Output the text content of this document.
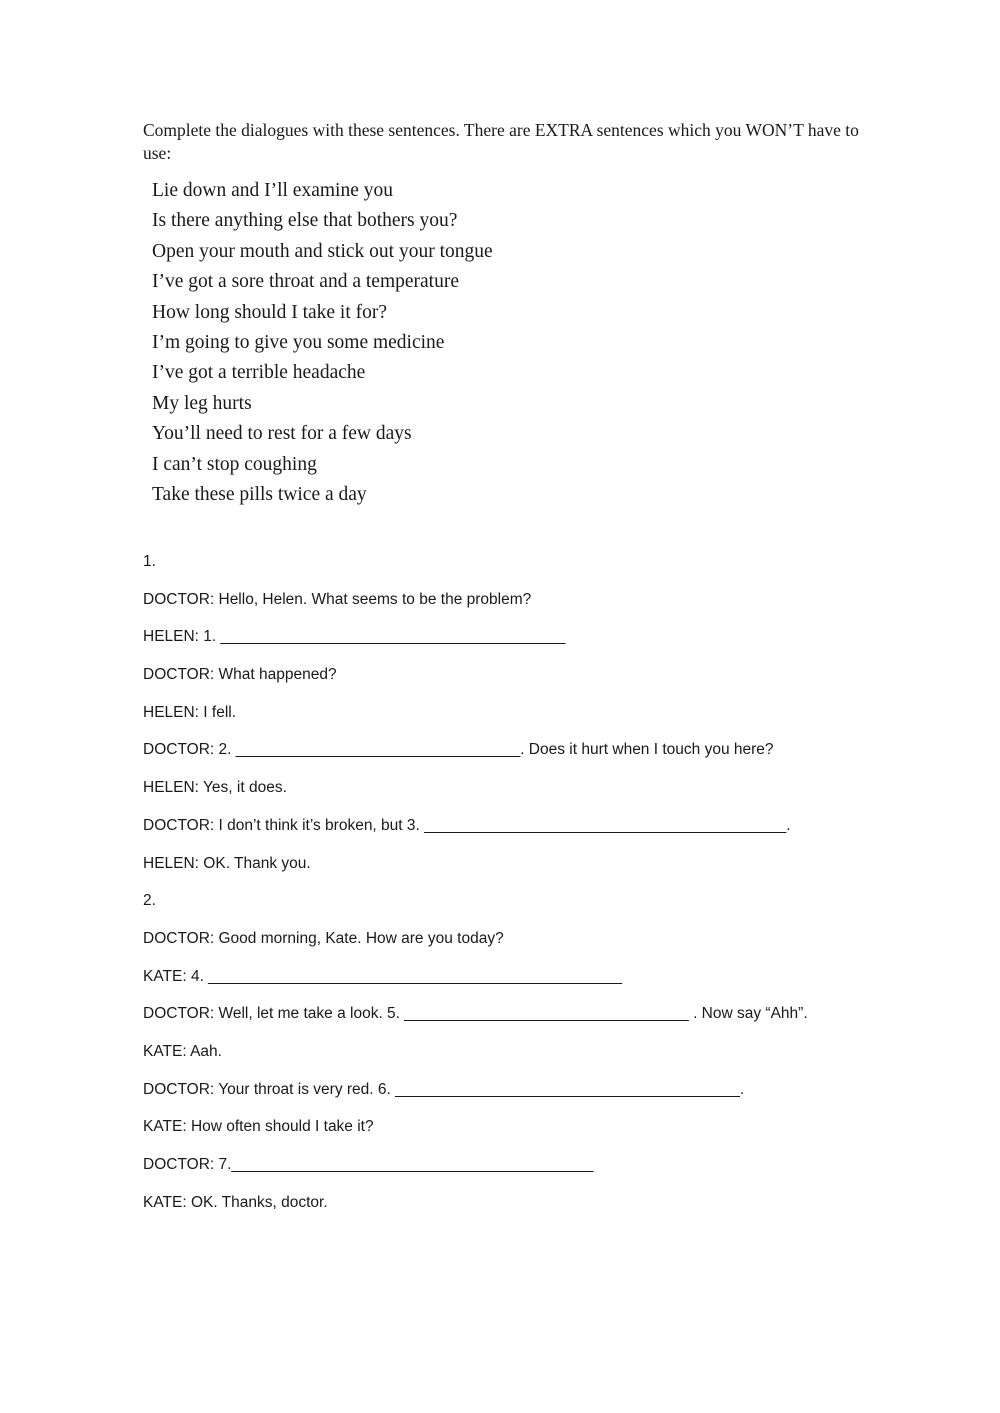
Complete the dialogues with these sentences. There are EXTRA sentences which you WON’T have to use:
Lie down and I’ll examine you
Is there anything else that bothers you?
Open your mouth and stick out your tongue
I’ve got a sore throat and a temperature
How long should I take it for?
I’m going to give you some medicine
I’ve got a terrible headache
My leg hurts
You’ll need to rest for a few days
I can’t stop coughing
Take these pills twice a day
1.
DOCTOR: Hello, Helen. What seems to be the problem?
HELEN: 1. ________________________________________
DOCTOR: What happened?
HELEN: I fell.
DOCTOR: 2. _________________________________. Does it hurt when I touch you here?
HELEN: Yes, it does.
DOCTOR: I don’t think it’s broken, but 3. __________________________________________.
HELEN: OK. Thank you.
2.
DOCTOR: Good morning, Kate. How are you today?
KATE: 4. ________________________________________________
DOCTOR: Well, let me take a look. 5. _________________________________ . Now say “Ahh”.
KATE: Aah.
DOCTOR: Your throat is very red. 6. ________________________________________.
KATE: How often should I take it?
DOCTOR: 7.__________________________________________
KATE: OK. Thanks, doctor.
